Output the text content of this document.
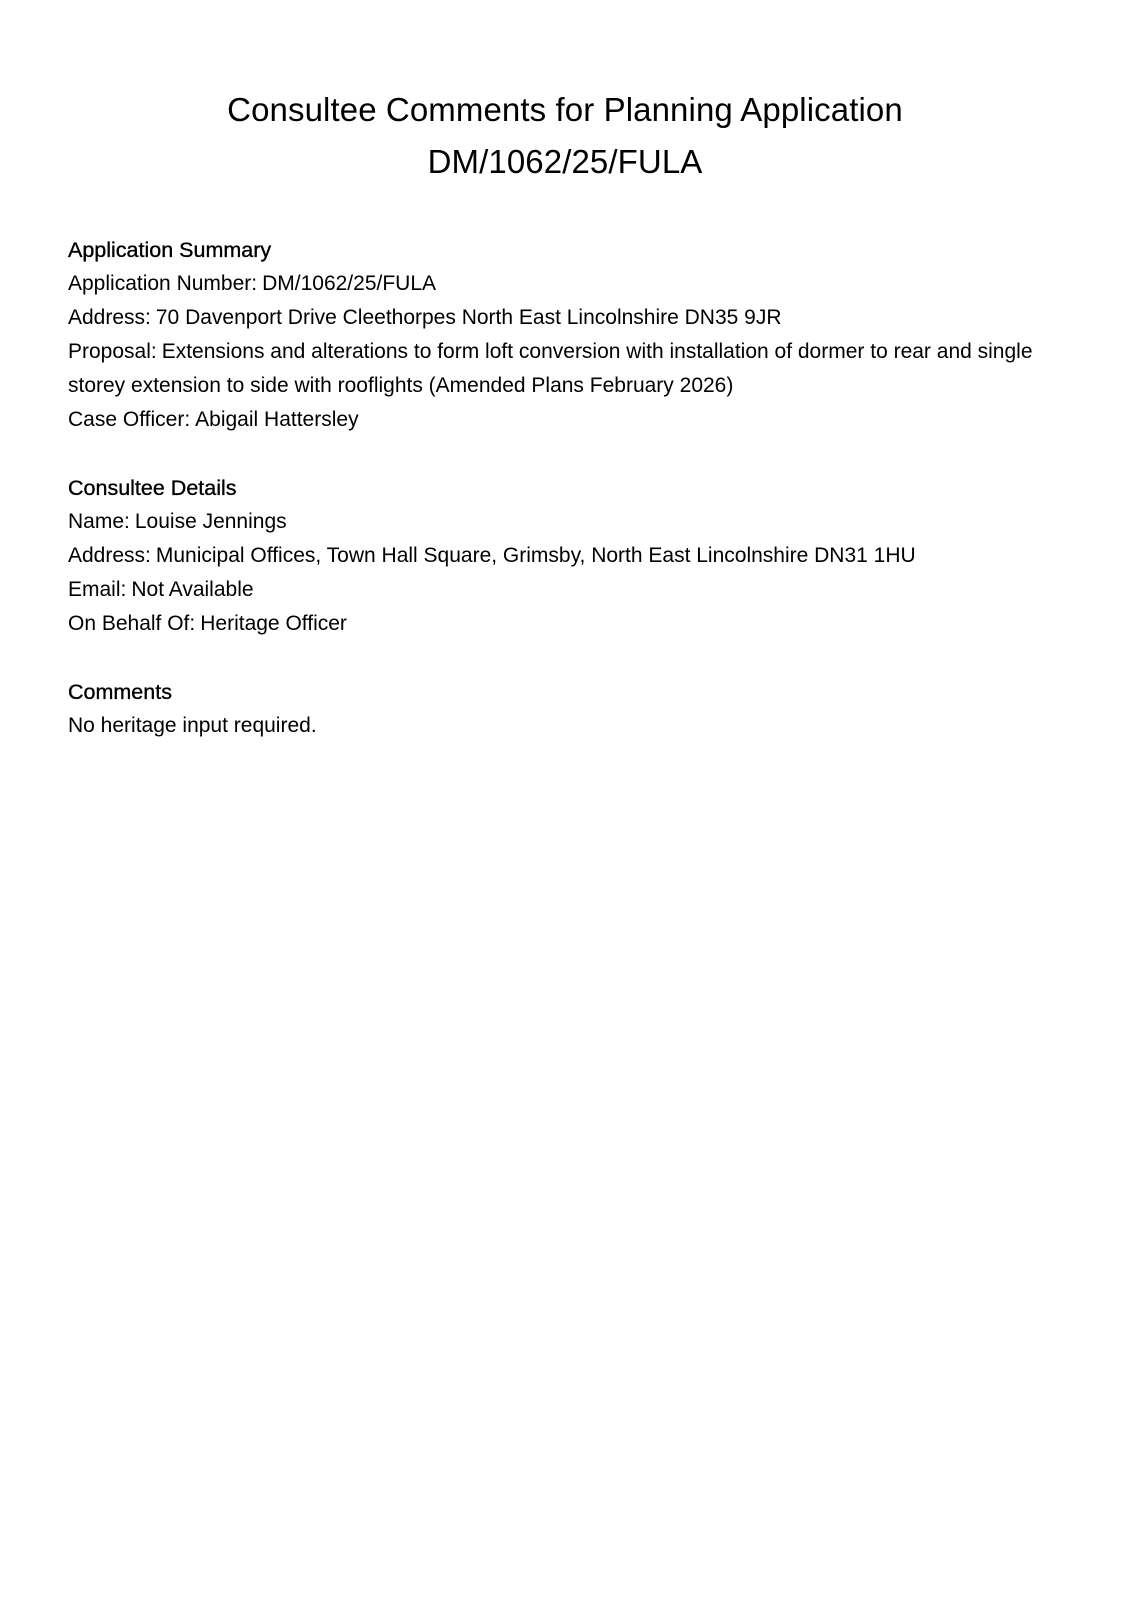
Consultee Comments for Planning Application
DM/1062/25/FULA

Application Summary

Application Number: DM/1062/25/FULA

Address: 70 Davenport Drive Cleethorpes North East Lincolnshire DN35 9JR

Proposal: Extensions and alterations to form loft conversion with installation of dormer to rear and single storey extension to side with rooflights (Amended Plans February 2026)

Case Officer: Abigail Hattersley

Consultee Details

Name: Louise Jennings

Address: Municipal Offices, Town Hall Square, Grimsby, North East Lincolnshire DN31 1HU

Email: Not Available

On Behalf Of: Heritage Officer

Comments

No heritage input required.
